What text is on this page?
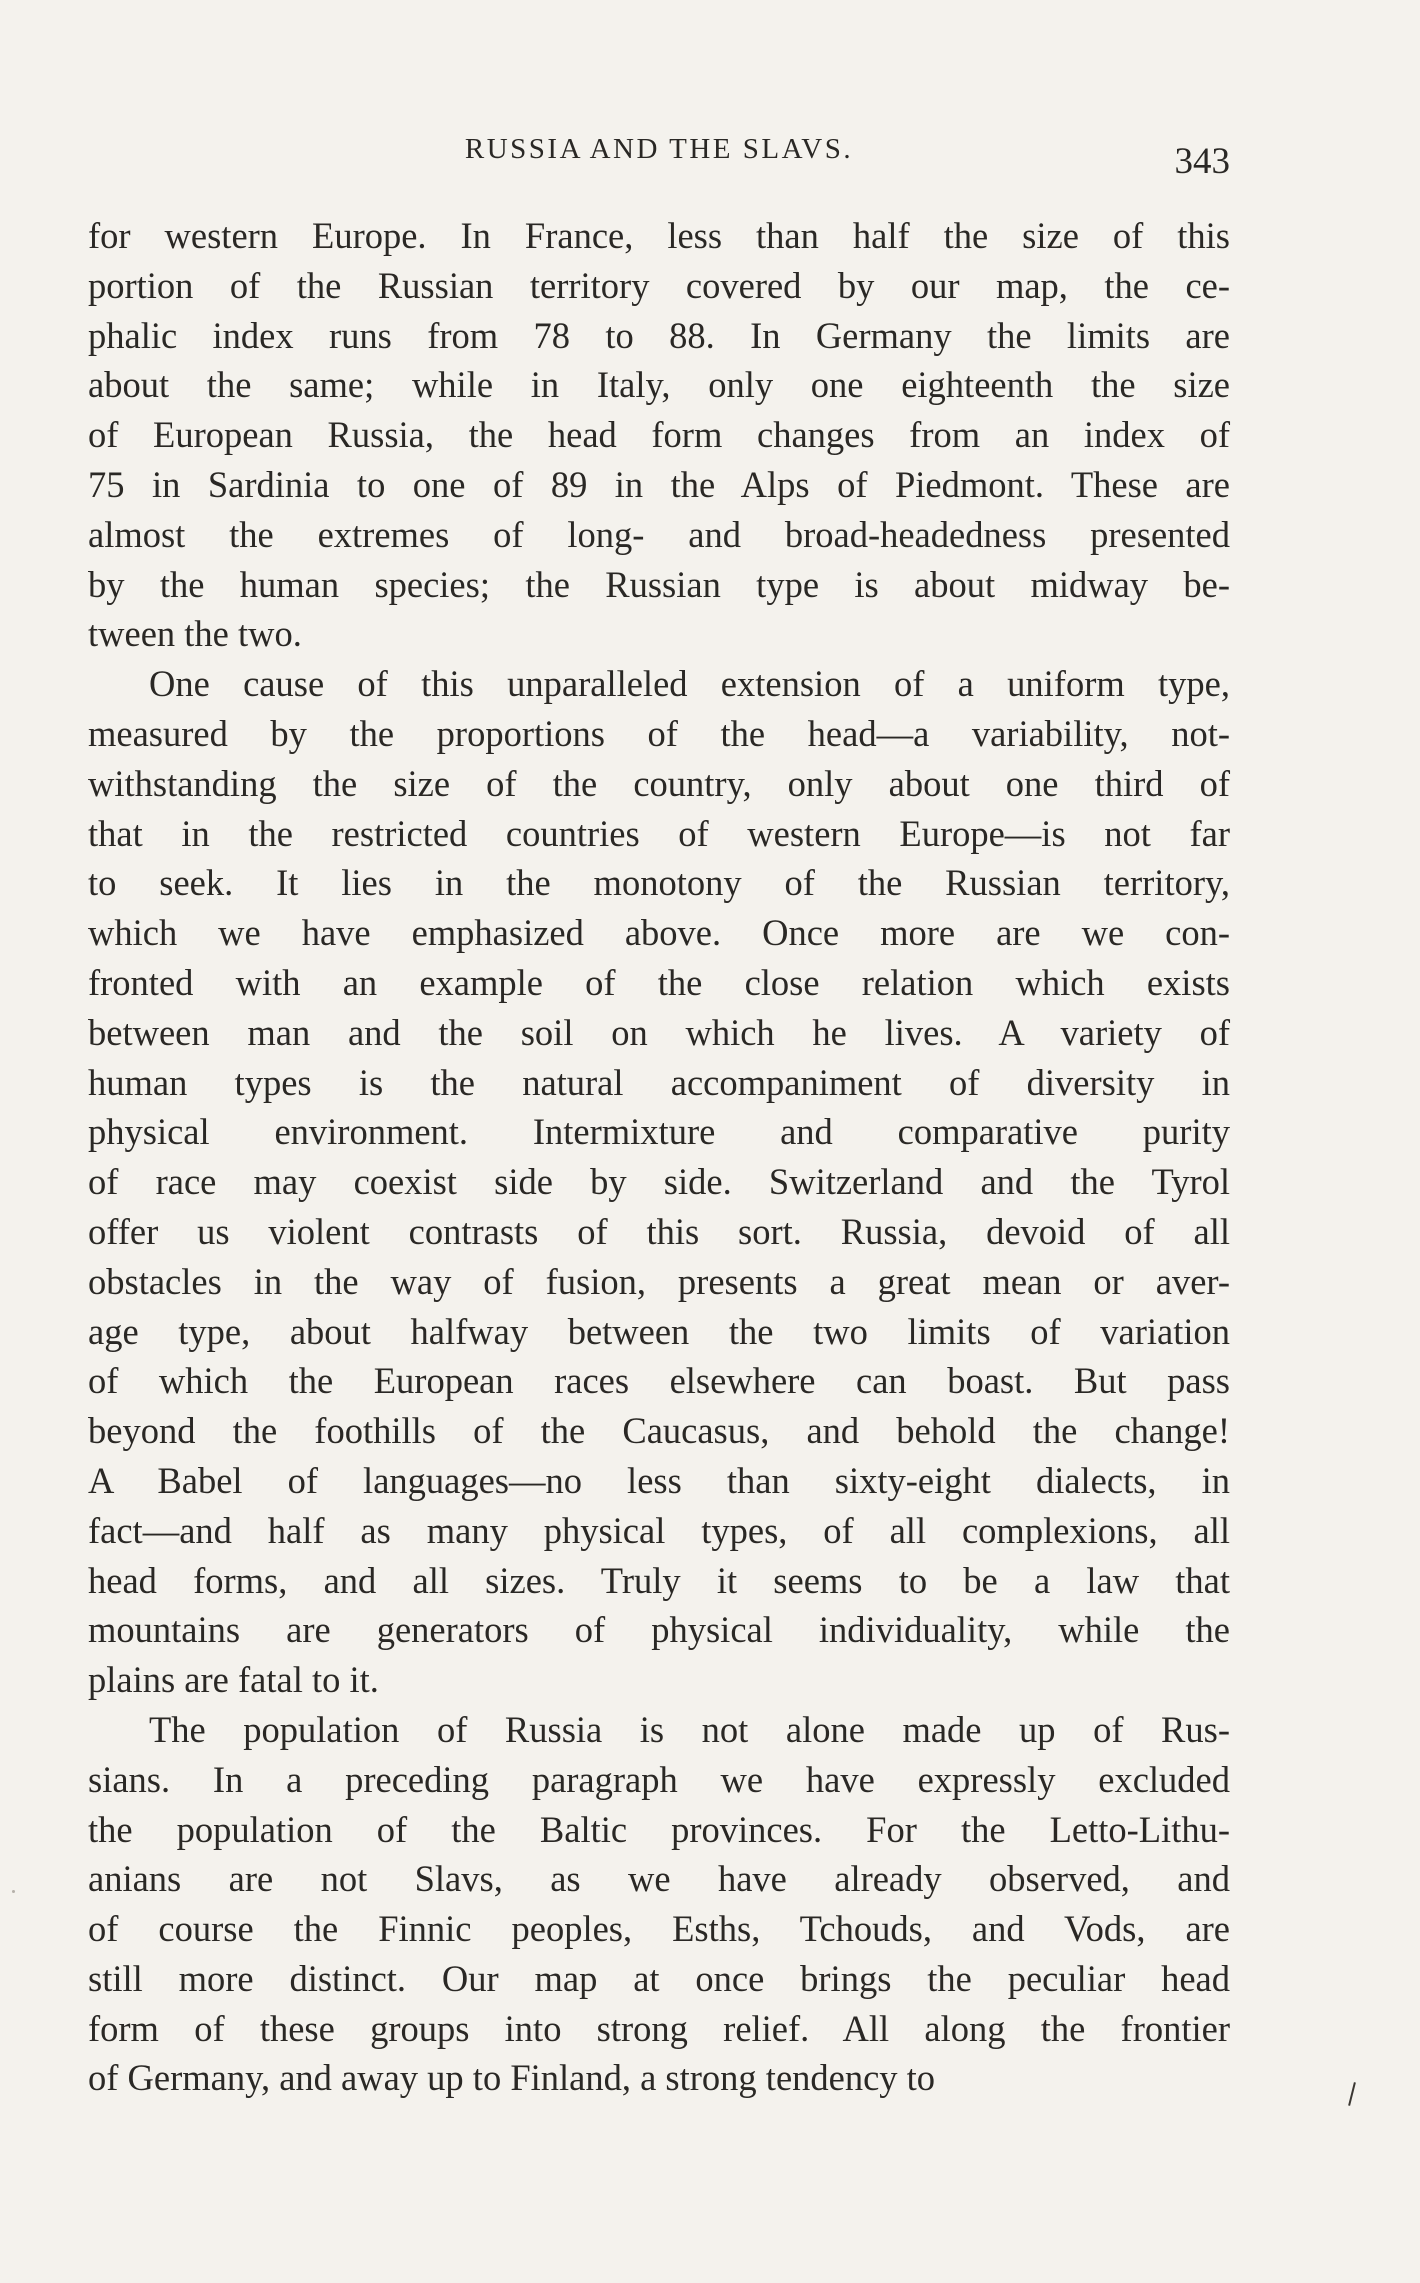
RUSSIA AND THE SLAVS.	343
for western Europe. In France, less than half the size of this
portion of the Russian territory covered by our map, the ce-
phalic index runs from 78 to 88. In Germany the limits are
about the same; while in Italy, only one eighteenth the size
of European Russia, the head form changes from an index of
75 in Sardinia to one of 89 in the Alps of Piedmont. These are
almost the extremes of long- and broad-headedness presented
by the human species; the Russian type is about midway be-
tween the two.
One cause of this unparalleled extension of a uniform type,
measured by the proportions of the head—a variability, not-
withstanding the size of the country, only about one third of
that in the restricted countries of western Europe—is not far
to seek. It lies in the monotony of the Russian territory,
which we have emphasized above. Once more are we con-
fronted with an example of the close relation which exists
between man and the soil on which he lives. A variety of
human types is the natural accompaniment of diversity in
physical environment. Intermixture and comparative purity
of race may coexist side by side. Switzerland and the Tyrol
offer us violent contrasts of this sort. Russia, devoid of all
obstacles in the way of fusion, presents a great mean or aver-
age type, about halfway between the two limits of variation
of which the European races elsewhere can boast. But pass
beyond the foothills of the Caucasus, and behold the change!
A Babel of languages—no less than sixty-eight dialects, in
fact—and half as many physical types, of all complexions, all
head forms, and all sizes. Truly it seems to be a law that
mountains are generators of physical individuality, while the
plains are fatal to it.
The population of Russia is not alone made up of Rus-
sians. In a preceding paragraph we have expressly excluded
the population of the Baltic provinces. For the Letto-Lithu-
anians are not Slavs, as we have already observed, and
of course the Finnic peoples, Esths, Tchouds, and Vods, are
still more distinct. Our map at once brings the peculiar head
form of these groups into strong relief. All along the frontier
of Germany, and away up to Finland, a strong tendency to
